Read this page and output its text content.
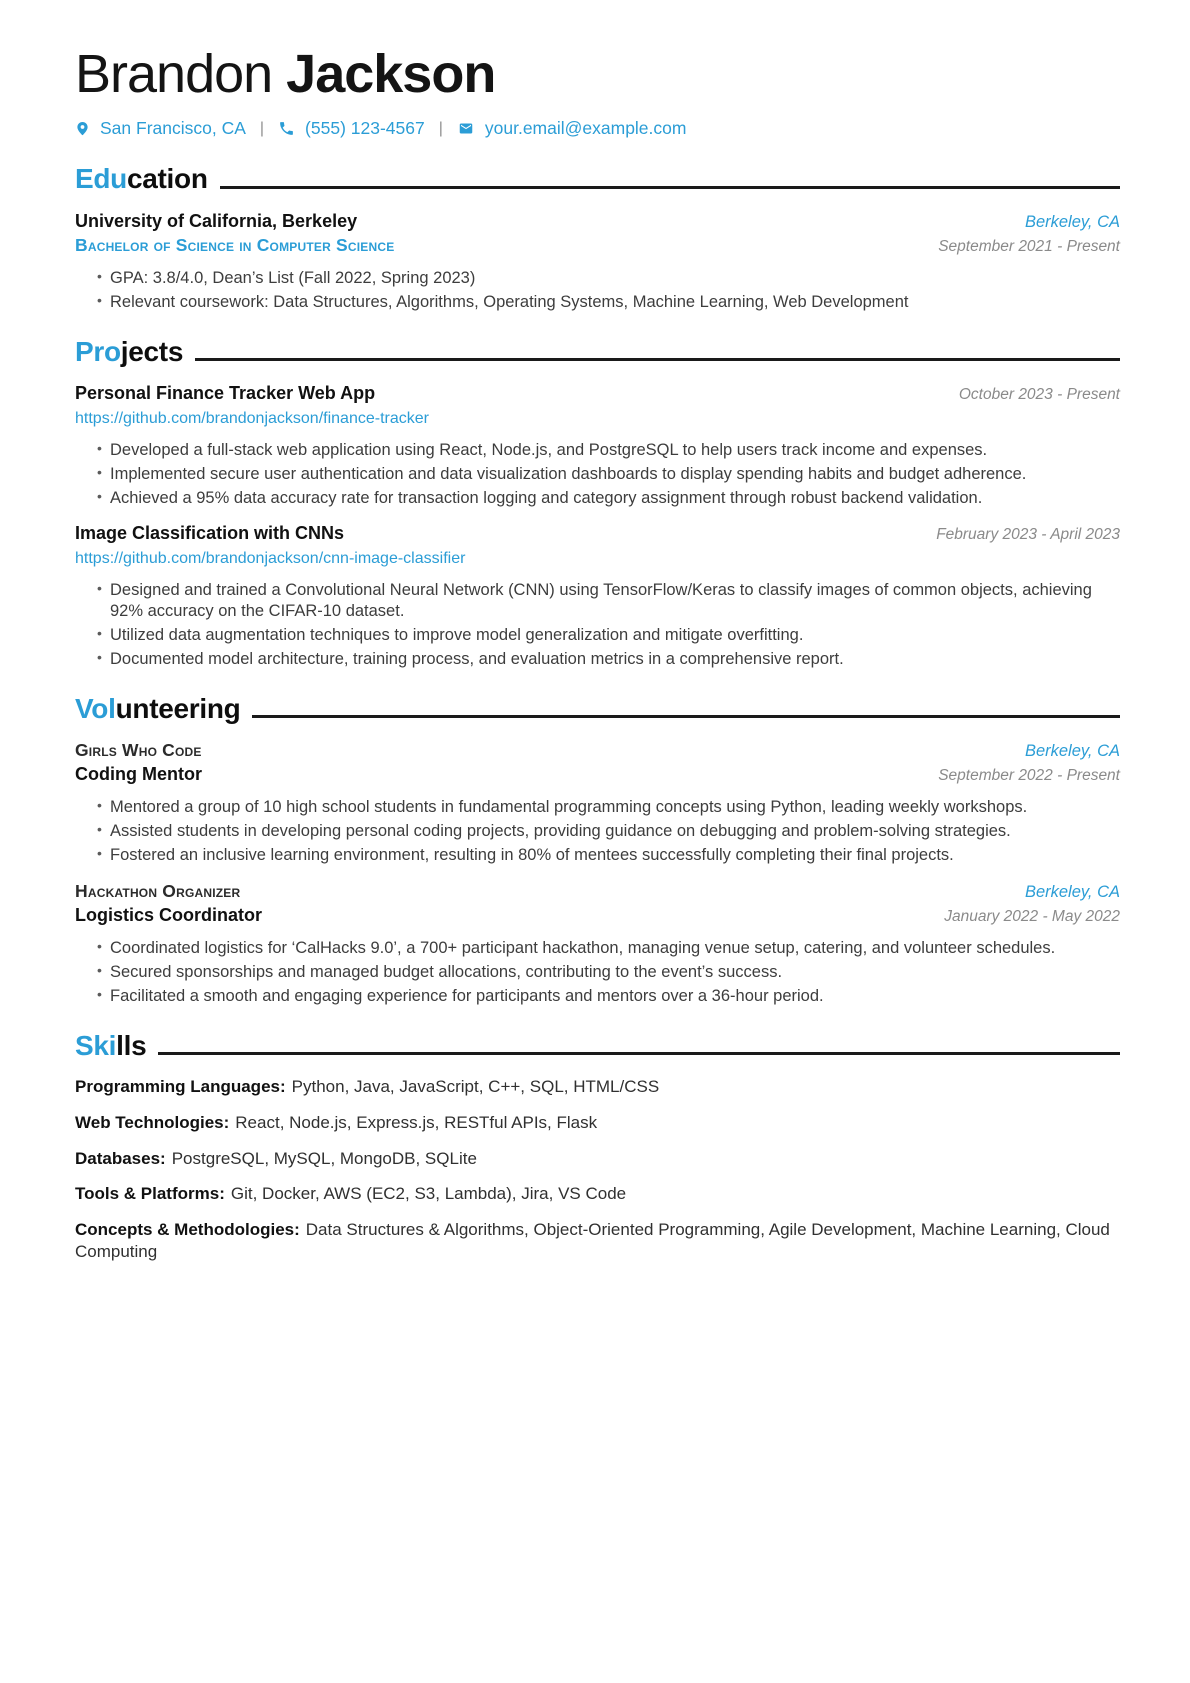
Brandon Jackson
San Francisco, CA | (555) 123-4567 | your.email@example.com
Education
University of California, Berkeley	Berkeley, CA
Bachelor of Science in Computer Science	September 2021 - Present
• GPA: 3.8/4.0, Dean’s List (Fall 2022, Spring 2023)
• Relevant coursework: Data Structures, Algorithms, Operating Systems, Machine Learning, Web Development
Projects
Personal Finance Tracker Web App	October 2023 - Present
https://github.com/brandonjackson/finance-tracker
• Developed a full-stack web application using React, Node.js, and PostgreSQL to help users track income and expenses.
• Implemented secure user authentication and data visualization dashboards to display spending habits and budget adherence.
• Achieved a 95% data accuracy rate for transaction logging and category assignment through robust backend validation.
Image Classification with CNNs	February 2023 - April 2023
https://github.com/brandonjackson/cnn-image-classifier
• Designed and trained a Convolutional Neural Network (CNN) using TensorFlow/Keras to classify images of common objects, achieving 92% accuracy on the CIFAR-10 dataset.
• Utilized data augmentation techniques to improve model generalization and mitigate overfitting.
• Documented model architecture, training process, and evaluation metrics in a comprehensive report.
Volunteering
Girls Who Code	Berkeley, CA
Coding Mentor	September 2022 - Present
• Mentored a group of 10 high school students in fundamental programming concepts using Python, leading weekly workshops.
• Assisted students in developing personal coding projects, providing guidance on debugging and problem-solving strategies.
• Fostered an inclusive learning environment, resulting in 80% of mentees successfully completing their final projects.
Hackathon Organizer	Berkeley, CA
Logistics Coordinator	January 2022 - May 2022
• Coordinated logistics for ‘CalHacks 9.0’, a 700+ participant hackathon, managing venue setup, catering, and volunteer schedules.
• Secured sponsorships and managed budget allocations, contributing to the event’s success.
• Facilitated a smooth and engaging experience for participants and mentors over a 36-hour period.
Skills

Programming Languages: Python, Java, JavaScript, C++, SQL, HTML/CSS

Web Technologies: React, Node.js, Express.js, RESTful APIs, Flask

Databases: PostgreSQL, MySQL, MongoDB, SQLite

Tools & Platforms: Git, Docker, AWS (EC2, S3, Lambda), Jira, VS Code

Concepts & Methodologies: Data Structures & Algorithms, Object-Oriented Programming, Agile Development, Machine Learning, Cloud Computing
